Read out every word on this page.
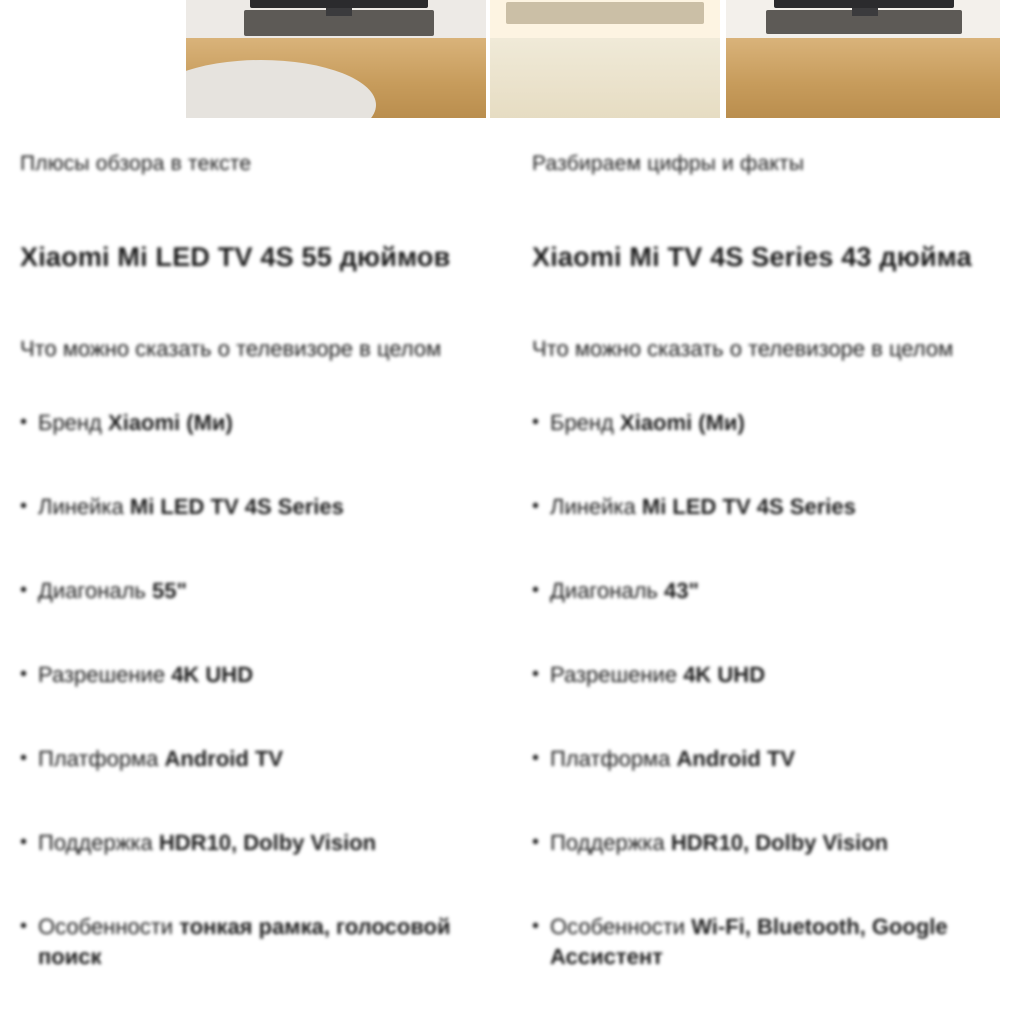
Плюсы обзора в тексте

Xiaomi Mi LED TV 4S 55 дюймов

Что можно сказать о телевизоре в целом

• Бренд Xiaomi (Ми)
• Линейка Mi LED TV 4S Series
• Диагональ 55"
• Разрешение 4K UHD
• Платформа Android TV
• Поддержка HDR10, Dolby Vision
• Особенности тонкая рамка, голосовой поиск

Разбираем цифры и факты

Xiaomi Mi TV 4S Series 43 дюйма

Что можно сказать о телевизоре в целом

• Бренд Xiaomi (Ми)
• Линейка Mi LED TV 4S Series
• Диагональ 43"
• Разрешение 4K UHD
• Платформа Android TV
• Поддержка HDR10, Dolby Vision
• Особенности Wi-Fi, Bluetooth, Google Ассистент
